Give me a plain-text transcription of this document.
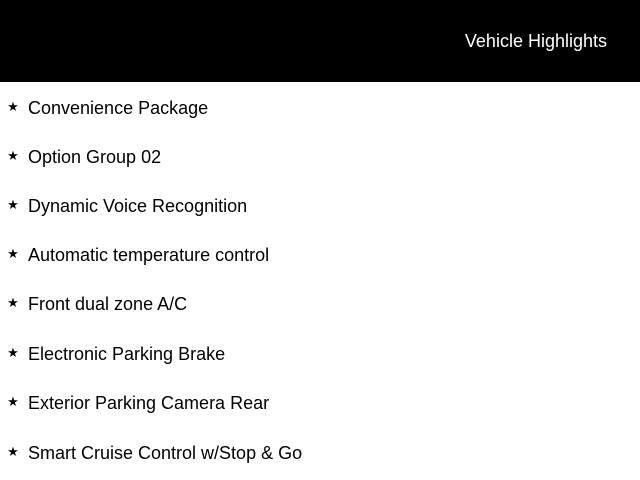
Vehicle Highlights
★ Convenience Package
★ Option Group 02
★ Dynamic Voice Recognition
★ Automatic temperature control
★ Front dual zone A/C
★ Electronic Parking Brake
★ Exterior Parking Camera Rear
★ Smart Cruise Control w/Stop & Go
